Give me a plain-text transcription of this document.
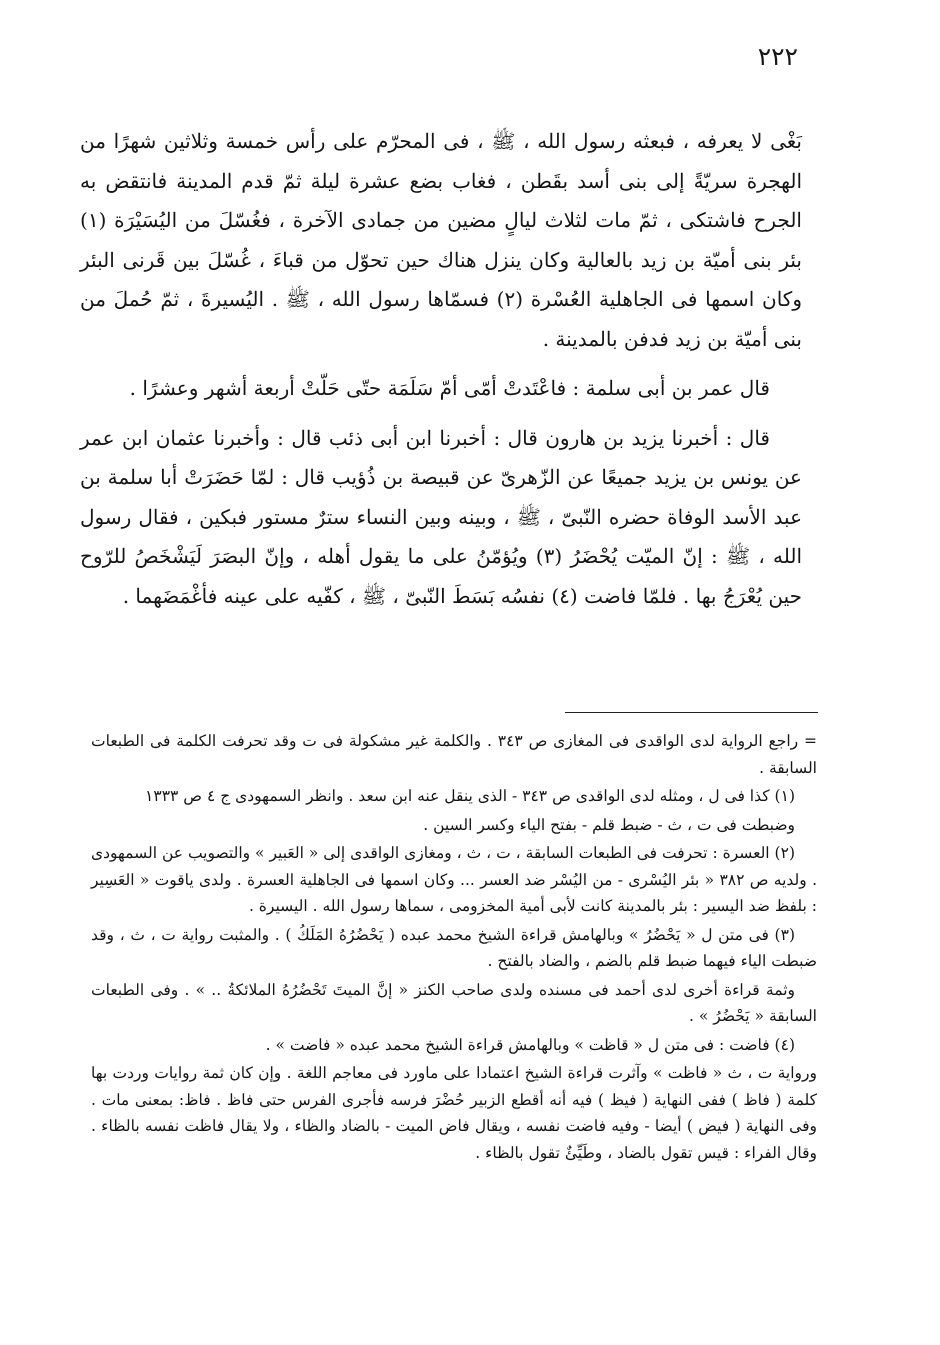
٢٢٢

بَغْى لا يعرفه ، فبعثه رسول الله ، ﷺ ، فى المحرّم على رأس خمسة وثلاثين شهرًا من الهجرة سريّةً إلى بنى أسد بقَطن ، فغاب بضع عشرة ليلة ثمّ قدم المدينة فانتقض به الجرح فاشتكى ، ثمّ مات لثلاث ليالٍ مضين من جمادى الآخرة ، فغُسّلَ من اليُسَيْرَة (١) بئر بنى أميّة بن زيد بالعالية وكان ينزل هناك حين تحوّل من قباءَ ، غُسّلَ بين قَرنى البئر وكان اسمها فى الجاهلية العُسْرة (٢) فسمّاها رسول الله ، ﷺ . اليُسيرةَ ، ثمّ حُملَ من بنى أميّة بن زيد فدفن بالمدينة .

قال عمر بن أبى سلمة : فاعْتَدتْ أمّى أمّ سَلَمَة حتّى حَلّتْ أربعة أشهر وعشرًا .

قال : أخبرنا يزيد بن هارون قال : أخبرنا ابن أبى ذئب قال : وأخبرنا عثمان ابن عمر عن يونس بن يزيد جميعًا عن الزّهرىّ عن قبيصة بن ذُؤيب قال : لمّا حَضَرَتْ أبا سلمة بن عبد الأسد الوفاة حضره النّبىّ ، ﷺ ، وبينه وبين النساء سترٌ مستور فبكين ، فقال رسول الله ، ﷺ : إنّ الميّت يُحْضَرُ (٣) ويُؤمّنُ على ما يقول أهله ، وإنّ البصَرَ لَيَشْخَصُ للرّوح حين يُعْرَجُ بها . فلمّا فاضت (٤) نفسُه بَسَطَ النّبىّ ، ﷺ ، كفّيه على عينه فأغْمَضَهما .

= راجع الرواية لدى الواقدى فى المغازى ص ٣٤٣ . والكلمة غير مشكولة فى ت وقد تحرفت الكلمة فى الطبعات السابقة .

(١) كذا فى ل ، ومثله لدى الواقدى ص ٣٤٣ - الذى ينقل عنه ابن سعد . وانظر السمهودى ج ٤ ص ١٣٣٣

وضبطت فى ت ، ث - ضبط قلم - بفتح الياء وكسر السين .

(٢) العسرة : تحرفت فى الطبعات السابقة ، ت ، ث ، ومغازى الواقدى إلى « العَبير » والتصويب عن السمهودى . ولديه ص ٣٨٢ « بئر اليُسْرى - من اليُسْر ضد العسر ... وكان اسمها فى الجاهلية العسرة . ولدى ياقوت « العَسِير : بلفظ ضد اليسير : بئر بالمدينة كانت لأبى أمية المخزومى ، سماها رسول الله . اليسيرة .

(٣) فى متن ل « يَحْضُرُ » وبالهامش قراءة الشيخ محمد عبده ( يَحْضُرُهُ المَلَكُ ) . والمثبت رواية ت ، ث ، وقد ضبطت الياء فيهما ضبط قلم بالضم ، والضاد بالفتح .

وثمة قراءة أخرى لدى أحمد فى مسنده ولدى صاحب الكنز « إنَّ الميتَ تَحْضُرُهُ الملائكةُ .. » . وفى الطبعات السابقة « يَحْضُرُ » .

(٤) فاضت : فى متن ل « قاظت » وبالهامش قراءة الشيخ محمد عبده « فاضت » .

ورواية ت ، ث « فاظت » وآثرت قراءة الشيخ اعتمادا على ماورد فى معاجم اللغة . وإن كان ثمة روايات وردت بها كلمة ( فاظ ) ففى النهاية ( فيظ ) فيه أنه أقطع الزبير حُضْرَ فرسه فأجرى الفرس حتى فاظ . فاظ: بمعنى مات . وفى النهاية ( فيض ) أيضا - وفيه فاضت نفسه ، ويقال فاض الميت - بالضاد والظاء ، ولا يقال فاظت نفسه بالظاء . وقال الفراء : قيس تقول بالضاد ، وطَيِّئٌ تقول بالظاء .
